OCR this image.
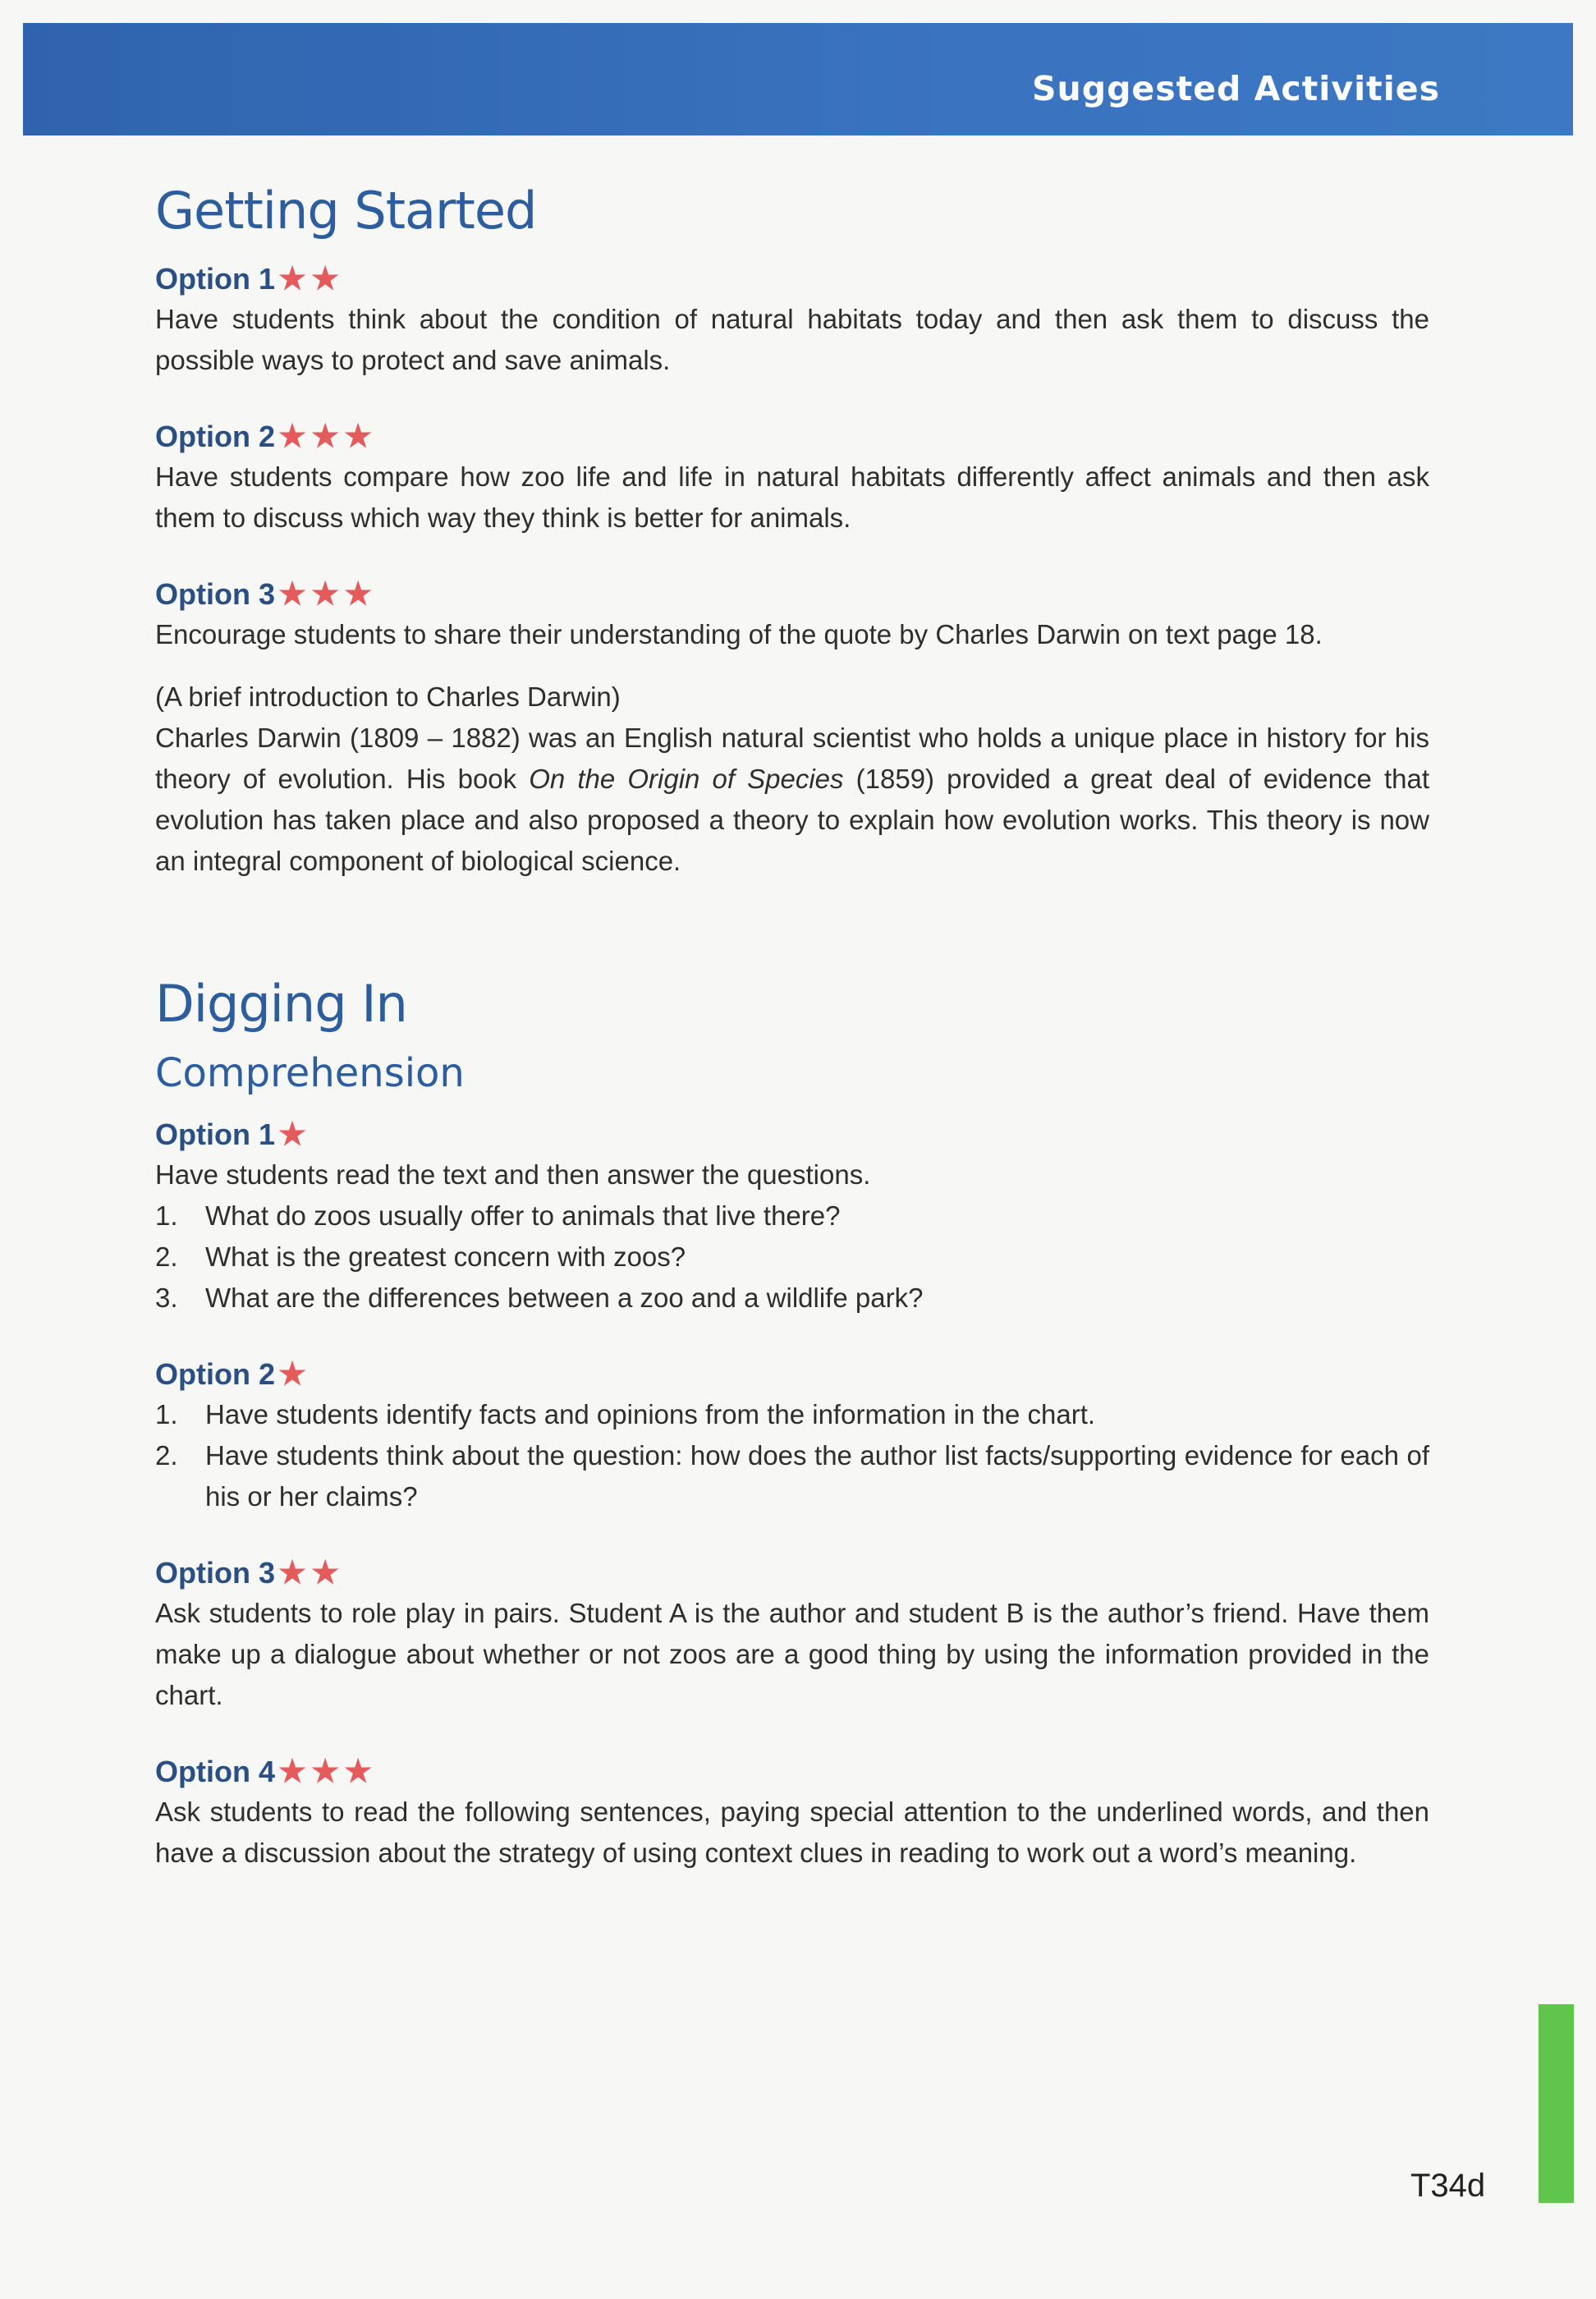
Suggested Activities
Getting Started
Option 1 ★★

Have students think about the condition of natural habitats today and then ask them to discuss the possible ways to protect and save animals.

Option 2 ★★★

Have students compare how zoo life and life in natural habitats differently affect animals and then ask them to discuss which way they think is better for animals.

Option 3 ★★★

Encourage students to share their understanding of the quote by Charles Darwin on text page 18.

(A brief introduction to Charles Darwin)

Charles Darwin (1809 – 1882) was an English natural scientist who holds a unique place in history for his theory of evolution. His book On the Origin of Species (1859) provided a great deal of evidence that evolution has taken place and also proposed a theory to explain how evolution works. This theory is now an integral component of biological science.

Digging In
Comprehension
Option 1 ★

Have students read the text and then answer the questions.

1. What do zoos usually offer to animals that live there?
2. What is the greatest concern with zoos?
3. What are the differences between a zoo and a wildlife park?
Option 2 ★
1. Have students identify facts and opinions from the information in the chart.
2. Have students think about the question: how does the author list facts/supporting evidence for each of his or her claims?
Option 3 ★★

Ask students to role play in pairs. Student A is the author and student B is the author’s friend. Have them make up a dialogue about whether or not zoos are a good thing by using the information provided in the chart.

Option 4 ★★★

Ask students to read the following sentences, paying special attention to the underlined words, and then have a discussion about the strategy of using context clues in reading to work out a word’s meaning.

T34d
